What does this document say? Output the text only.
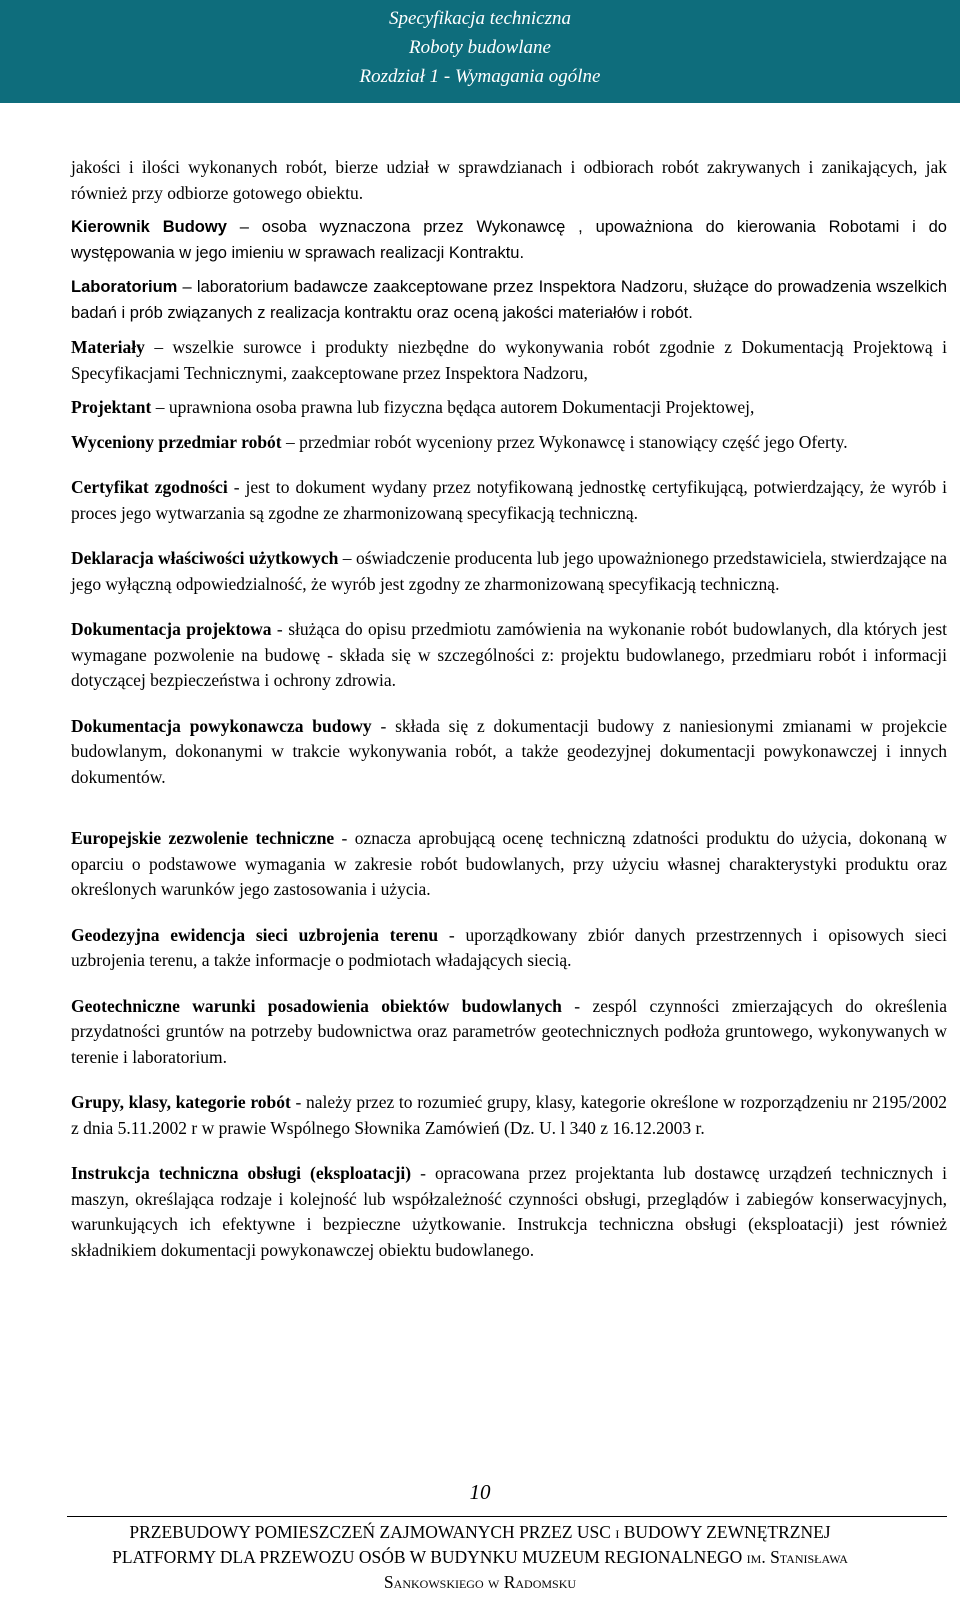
Specyfikacja techniczna
Roboty budowlane
Rozdział 1 - Wymagania ogólne

jakości i ilości wykonanych robót, bierze udział w sprawdzianach i odbiorach robót zakrywanych i zanikających, jak również przy odbiorze gotowego obiektu.

Kierownik Budowy – osoba wyznaczona przez Wykonawcę , upoważniona do kierowania Robotami i do występowania w jego imieniu w sprawach realizacji Kontraktu.

Laboratorium – laboratorium badawcze zaakceptowane przez Inspektora Nadzoru, służące do prowadzenia wszelkich badań i prób związanych z realizacja kontraktu oraz oceną jakości materiałów i robót.

Materiały – wszelkie surowce i produkty niezbędne do wykonywania robót zgodnie z Dokumentacją Projektową i Specyfikacjami Technicznymi, zaakceptowane przez Inspektora Nadzoru,

Projektant – uprawniona osoba prawna lub fizyczna będąca autorem Dokumentacji Projektowej,

Wyceniony przedmiar robót – przedmiar robót wyceniony przez Wykonawcę i stanowiący część jego Oferty.

Certyfikat zgodności - jest to dokument wydany przez notyfikowaną jednostkę certyfikującą, potwierdzający, że wyrób i proces jego wytwarzania są zgodne ze zharmonizowaną specyfikacją techniczną.

Deklaracja właściwości użytkowych – oświadczenie producenta lub jego upoważnionego przedstawiciela, stwierdzające na jego wyłączną odpowiedzialność, że wyrób jest zgodny ze zharmonizowaną specyfikacją techniczną.

Dokumentacja projektowa - służąca do opisu przedmiotu zamówienia na wykonanie robót budowlanych, dla których jest wymagane pozwolenie na budowę - składa się w szczególności z: projektu budowlanego, przedmiaru robót i informacji dotyczącej bezpieczeństwa i ochrony zdrowia.

Dokumentacja powykonawcza budowy - składa się z dokumentacji budowy z naniesionymi zmianami w projekcie budowlanym, dokonanymi w trakcie wykonywania robót, a także geodezyjnej dokumentacji powykonawczej i innych dokumentów.

Europejskie zezwolenie techniczne - oznacza aprobującą ocenę techniczną zdatności produktu do użycia, dokonaną w oparciu o podstawowe wymagania w zakresie robót budowlanych, przy użyciu własnej charakterystyki produktu oraz określonych warunków jego zastosowania i użycia.

Geodezyjna ewidencja sieci uzbrojenia terenu - uporządkowany zbiór danych przestrzennych i opisowych sieci uzbrojenia terenu, a także informacje o podmiotach władających siecią.

Geotechniczne warunki posadowienia obiektów budowlanych - zespól czynności zmierzających do określenia przydatności gruntów na potrzeby budownictwa oraz parametrów geotechnicznych podłoża gruntowego, wykonywanych w terenie i laboratorium.

Grupy, klasy, kategorie robót - należy przez to rozumieć grupy, klasy, kategorie określone w rozporządzeniu nr 2195/2002 z dnia 5.11.2002 r w prawie Wspólnego Słownika Zamówień (Dz. U. l 340 z 16.12.2003 r.

Instrukcja techniczna obsługi (eksploatacji) - opracowana przez projektanta lub dostawcę urządzeń technicznych i maszyn, określająca rodzaje i kolejność lub współzależność czynności obsługi, przeglądów i zabiegów konserwacyjnych, warunkujących ich efektywne i bezpieczne użytkowanie. Instrukcja techniczna obsługi (eksploatacji) jest również składnikiem dokumentacji powykonawczej obiektu budowlanego.

10
PRZEBUDOWY POMIESZCZEŃ ZAJMOWANYCH PRZEZ USC i BUDOWY ZEWNĘTRZNEJ
PLATFORMY DLA PRZEWOZU OSÓB W BUDYNKU MUZEUM REGIONALNEGO im. Stanisława
Sankowskiego w Radomsku
